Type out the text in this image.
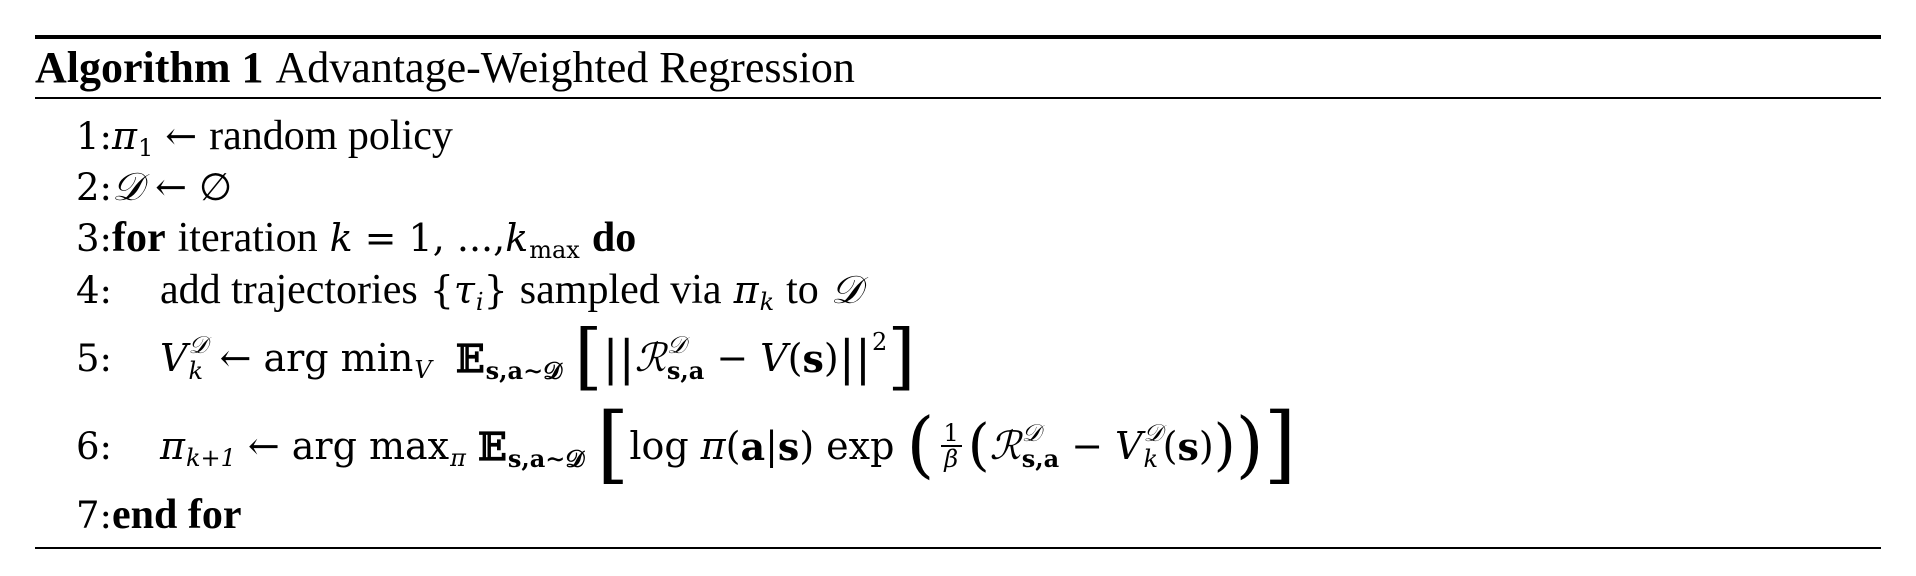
Algorithm 1 Advantage-Weighted Regression
1: π 1 ← random policy
2: 𝒟 ← ∅
3: for iteration k = 1, ..., k max do
4: add trajectories { τ i } sampled via π k to 𝒟
5: V 𝒟
k ← arg min V 𝔼 s,a∼𝒟 [ || ℛ 𝒟
s,a − V ( s ) || 2 ]
6: π k+1 ← arg max π 𝔼 s,a∼𝒟 [ log π ( a | s ) exp ( $\frac{1}{\beta}$ ( ℛ 𝒟
s,a − V 𝒟
k ( s ) ) ) ]
7: end for
